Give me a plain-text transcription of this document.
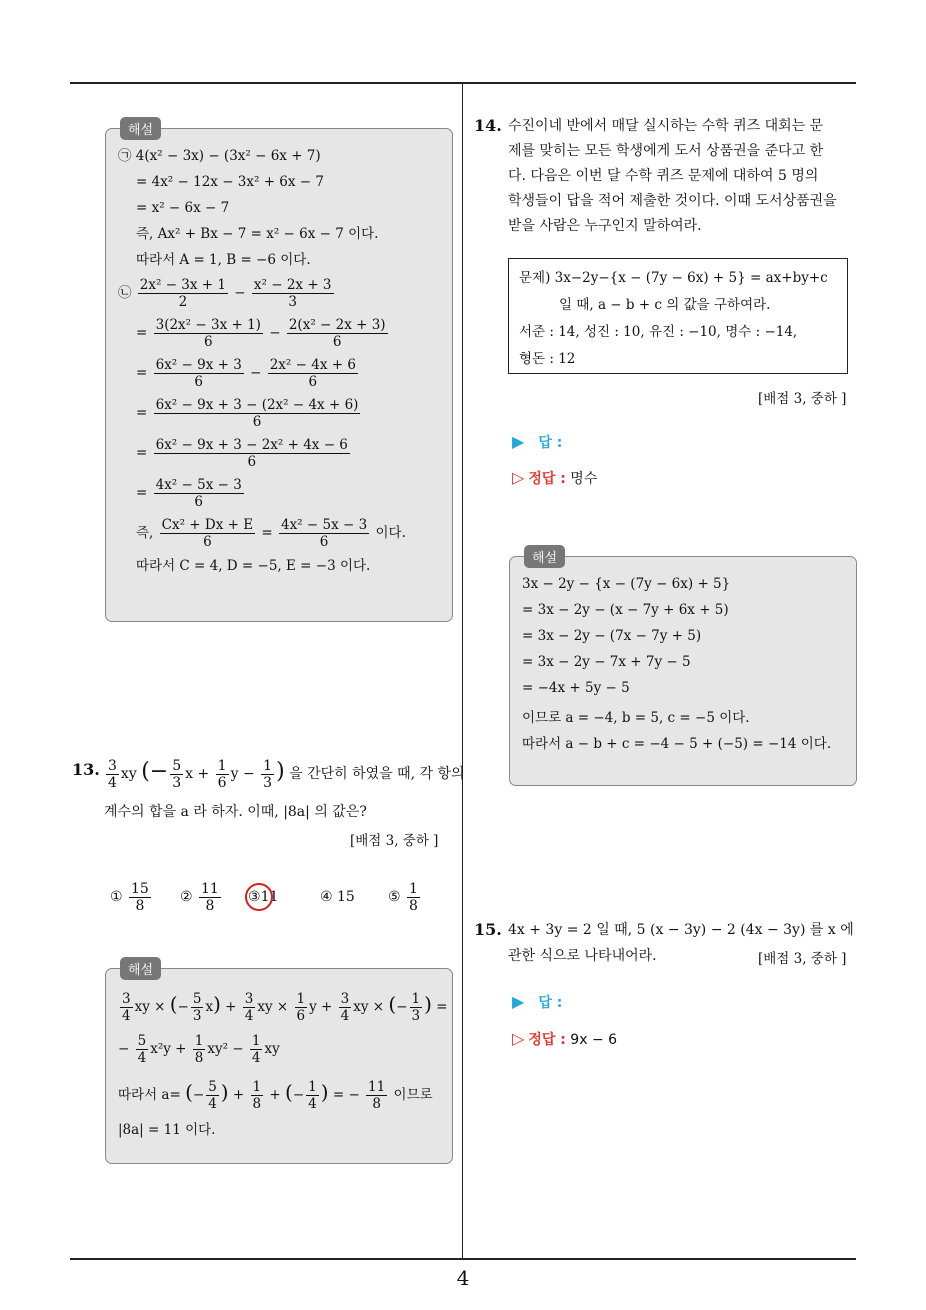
4
해설
㉠ 4(x² − 3x) − (3x² − 6x + 7)
= 4x² − 12x − 3x² + 6x − 7
= x² − 6x − 7
즉, Ax² + Bx − 7 = x² − 6x − 7 이다.
따라서 A = 1, B = −6 이다.
㉡ $\frac{\text{2x² − 3x + 1}}{2} - \frac{\text{x² − 2x + 3}}{3}$
= $\frac{\text{3(2x² − 3x + 1)}}{6} - \frac{\text{2(x² − 2x + 3)}}{6}$
= $\frac{\text{6x² − 9x + 3}}{6} - \frac{\text{2x² − 4x + 6}}{6}$
= $\frac{\text{6x² − 9x + 3 − (2x² − 4x + 6)}}{6}$
= $\frac{\text{6x² − 9x + 3 − 2x² + 4x − 6}}{6}$
= $\frac{\text{4x² − 5x − 3}}{6}$
즉, $\frac{\text{Cx² + Dx + E}}{6} = \frac{\text{4x² − 5x − 3}}{6}$ 이다.
따라서 C = 4, D = −5, E = −3 이다.
13. $\frac{3}{4}$ xy (− $\frac{5}{3}$ $x + \frac{1}{6}$ $y - \frac{1}{3}$ ) 을 간단히 하였을 때, 각 항의
계수의 합을 a 라 하자. 이때, |8a| 의 값은?
[배점 3, 중하 ]
①
$\frac{15}{8}$ ②
$\frac{11}{8}$ ③ 11	④
15 ⑤
$\frac{1}{8}$
해설
$\frac{3}{4}$ xy × (− $\frac{5}{3} x) + \frac{3}{4}$ xy × $\frac{1}{6}$ $y + \frac{3}{4}$ xy × (− $\frac{1}{3}$ ) =
− $\frac{5}{4} x^2y + \frac{1}{8} xy^2 - \frac{1}{4}$ xy
따라서 a= (− $\frac{5}{4}$ ) + $\frac{1}{8}$ + (− $\frac{1}{4}$ ) = − $\frac{11}{8}$ 이므로
|8a| = 11 이다.
14. 수진이네 반에서 매달 실시하는 수학 퀴즈 대회는 문
제를 맞히는 모든 학생에게 도서 상품권을 준다고 한
다. 다음은 이번 달 수학 퀴즈 문제에 대하여 5 명의
학생들이 답을 적어 제출한 것이다. 이때 도서상품권을
받을 사람은 누구인지 말하여라.
문제) 3x−2y−{x − (7y − 6x) + 5} = ax+by+c
일 때, a − b + c 의 값을 구하여라.
서준 : 14, 성진 : 10, 유진 : −10, 명수 : −14,
형돈 : 12
[배점 3, 중하 ]
▶ 답 :
▷ 정답 : 명수
해설
3x − 2y − {x − (7y − 6x) + 5}
= 3x − 2y − (x − 7y + 6x + 5)
= 3x − 2y − (7x − 7y + 5)
= 3x − 2y − 7x + 7y − 5
= −4x + 5y − 5
이므로 a = −4, b = 5, c = −5 이다.
따라서 a − b + c = −4 − 5 + (−5) = −14 이다.
15. 4x + 3y = 2 일 때, 5 (x − 3y) − 2 (4x − 3y) 를 x 에
관한 식으로 나타내어라.	[배점 3, 중하 ]
▶ 답 :
▷ 정답 : 9x − 6
